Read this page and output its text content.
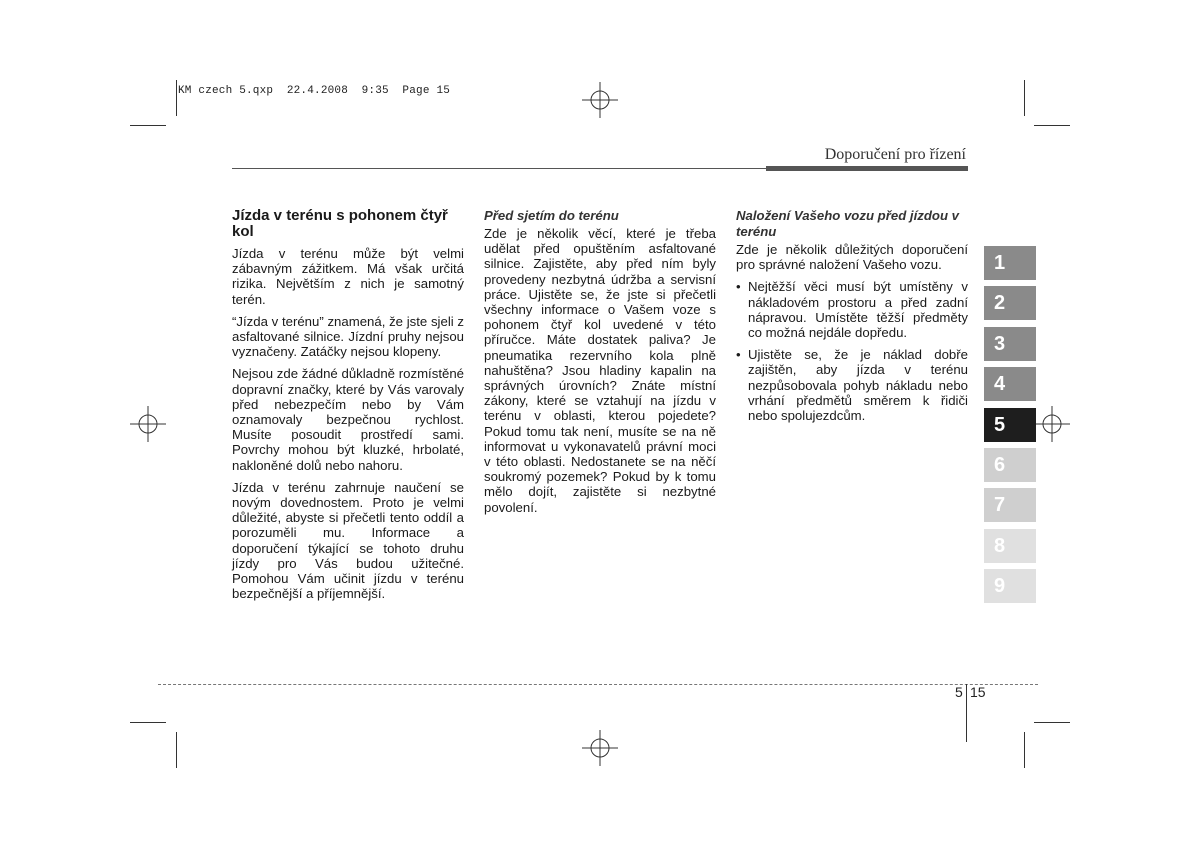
KM czech 5.qxp  22.4.2008  9:35  Page 15
Doporučení pro řízení
Jízda v terénu s pohonem čtyř kol

Jízda v terénu může být velmi zábavným zážitkem. Má však určitá rizika. Největším z nich je samotný terén.

“Jízda v terénu” znamená, že jste sjeli z asfaltované silnice. Jízdní pruhy nejsou vyznačeny. Zatáčky nejsou klopeny.

Nejsou zde žádné důkladně rozmístěné dopravní značky, které by Vás varovaly před nebezpečím nebo by Vám oznamovaly bezpečnou rychlost. Musíte posoudit prostředí sami. Povrchy mohou být kluzké, hrbolaté, nakloněné dolů nebo nahoru.

Jízda v terénu zahrnuje naučení se novým dovednostem. Proto je velmi důležité, abyste si přečetli tento oddíl a porozuměli mu. Informace a doporučení týkající se tohoto druhu jízdy pro Vás budou užitečné. Pomohou Vám učinit jízdu v terénu bezpečnější a příjemnější.

Před sjetím do terénu

Zde je několik věcí, které je třeba udělat před opuštěním asfaltované silnice. Zajistěte, aby před ním byly provedeny nezbytná údržba a servisní práce. Ujistěte se, že jste si přečetli všechny informace o Vašem voze s pohonem čtyř kol uvedené v této příručce. Máte dostatek paliva? Je pneumatika rezervního kola plně nahuštěna? Jsou hladiny kapalin na správných úrovních? Znáte místní zákony, které se vztahují na jízdu v terénu v oblasti, kterou pojedete? Pokud tomu tak není, musíte se na ně informovat u vykonavatelů právní moci v této oblasti. Nedostanete se na něčí soukromý pozemek? Pokud by k tomu mělo dojít, zajistěte si nezbytné povolení.

Naložení Vašeho vozu před jízdou v terénu

Zde je několik důležitých doporučení pro správné naložení Vašeho vozu.

• Nejtěžší věci musí být umístěny v nákladovém prostoru a před zadní nápravou. Umístěte těžší předměty co možná nejdále dopředu.
• Ujistěte se, že je náklad dobře zajištěn, aby jízda v terénu nezpůsobovala pohyb nákladu nebo vrhání předmětů směrem k řidiči nebo spolujezdcům.
1
2
3
4
5
6
7
8
9
5 15
